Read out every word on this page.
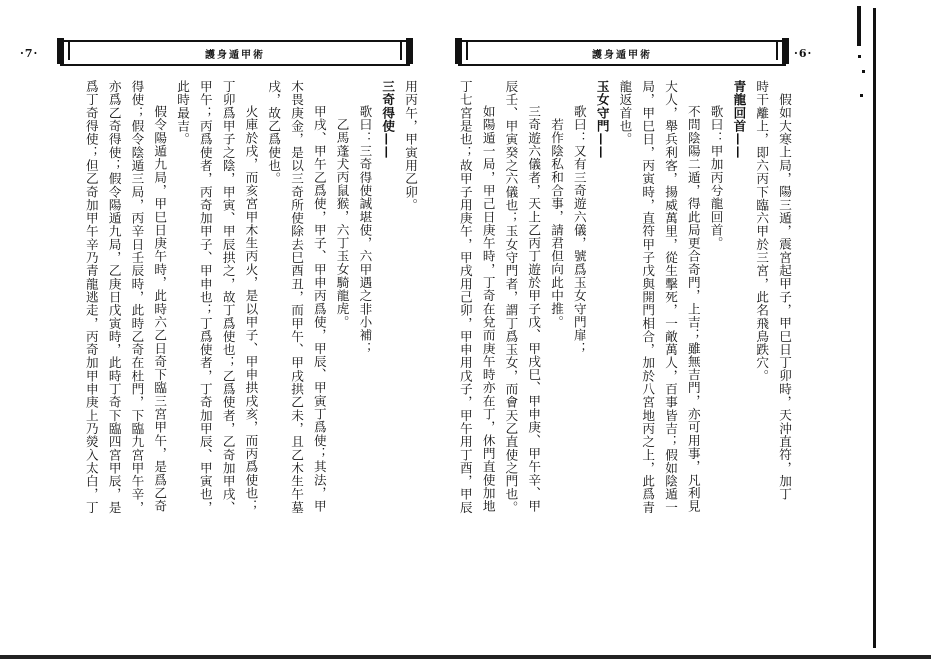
·7·	護身遁甲術	護身遁甲術	·6·

用丙午，甲寅用乙卯。

三奇得使——

歌曰：三奇得使誠堪使，六甲遇之非小補；

乙馬蓬犬丙鼠猴，六丁玉女騎龍虎。

甲戌、甲午乙爲使，甲子、甲申丙爲使，甲辰、甲寅丁爲使；其法，甲

木畏庚金，是以三奇所使除去巳酉丑，而甲午、甲戌拱乙未，且乙木生午墓

戌，故乙爲使也。

火庫於戌，而亥宮甲木生丙火，是以甲子、甲申拱戌亥，而丙爲使也；

丁卯爲甲子之陰，甲寅、甲辰拱之，故丁爲使也；乙爲使者，乙奇加甲戌、

甲午；丙爲使者，丙奇加甲子、甲申也；丁爲使者，丁奇加甲辰、甲寅也，

此時最吉。

假令陽遁九局，甲巳日庚午時，此時六乙日奇下臨三宮甲午，是爲乙奇

得使；假令陰遁三局，丙辛日壬辰時，此時乙奇在杜門，下臨九宮甲午辛，

亦爲乙奇得使；假令陽遁九局，乙庚日戊寅時，此時丁奇下臨四宮甲辰，是

爲丁奇得使；但乙奇加甲午辛乃青龍逃走，丙奇加甲申庚上乃熒入太白，丁	假如大寒上局，陽三遁，震宮起甲子，甲巳日丁卯時，天沖直符，加丁

時干離上，即六丙下臨六甲於三宮，此名飛鳥跌穴。

青龍回首——

歌曰：甲加丙兮龍回首。

不問陰陽二遁，得此局更合奇門，上吉；雖無吉門，亦可用事，凡利見

大人，舉兵利客，揚威萬里，從生擊死，一敵萬人，百事皆吉；假如陰遁一

局，甲巳日，丙寅時，直符甲子戊與開門相合，加於八宮地丙之上，此爲青

龍返首也。

玉女守門——

歌曰：又有三奇遊六儀，號爲玉女守門扉；

若作陰私和合事，請君但向此中推。

三奇遊六儀者，天上乙丙丁遊於甲子戊、甲戌巳、甲申庚、甲午辛、甲

辰壬、甲寅癸之六儀也；玉女守門者，謂丁爲玉女，而會天乙直使之門也。

如陽遁一局，甲己日庚午時，丁奇在兌而庚午時亦在丁，休門直使加地

丁七宮是也；故甲子用庚午，甲戌用己卯，甲申用戊子，甲午用丁酉，甲辰
